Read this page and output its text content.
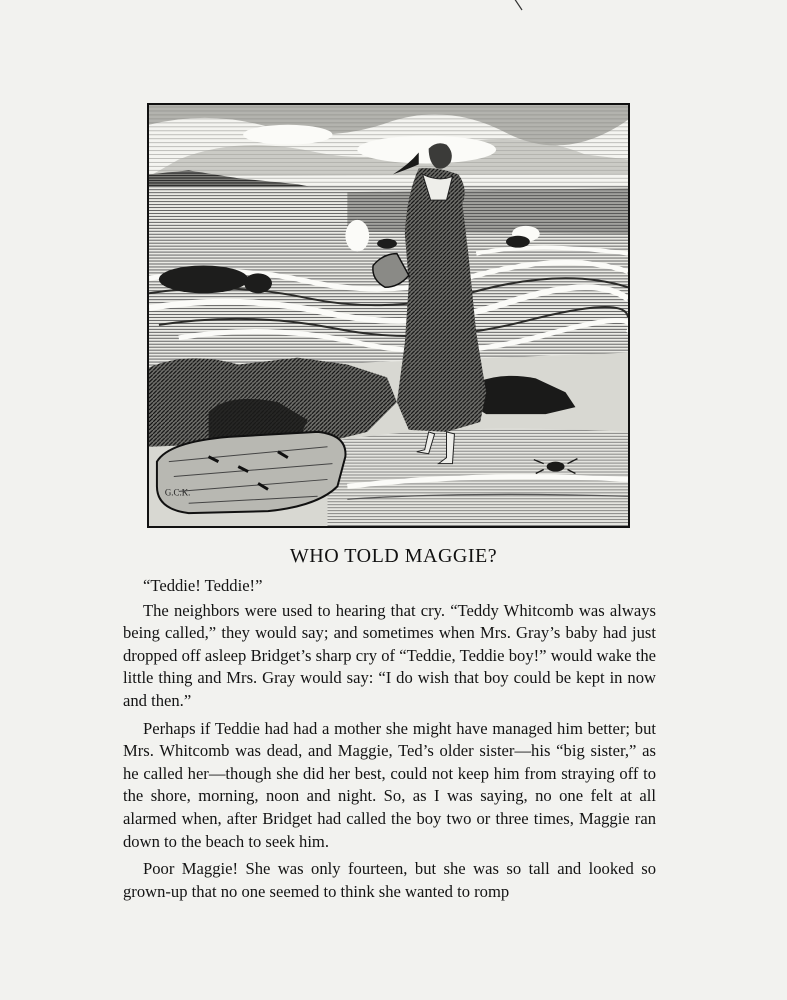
G.C.K.
WHO TOLD MAGGIE?

“Teddie! Teddie!”

The neighbors were used to hearing that cry. “Teddy Whitcomb was always being called,” they would say; and sometimes when Mrs. Gray’s baby had just dropped off asleep Bridget’s sharp cry of “Teddie, Teddie boy!” would wake the little thing and Mrs. Gray would say: “I do wish that boy could be kept in now and then.”

Perhaps if Teddie had had a mother she might have managed him better; but Mrs. Whitcomb was dead, and Maggie, Ted’s older sister—his “big sister,” as he called her—though she did her best, could not keep him from straying off to the shore, morning, noon and night. So, as I was saying, no one felt at all alarmed when, after Bridget had called the boy two or three times, Maggie ran down to the beach to seek him.

Poor Maggie! She was only fourteen, but she was so tall and looked so grown-up that no one seemed to think she wanted to romp
